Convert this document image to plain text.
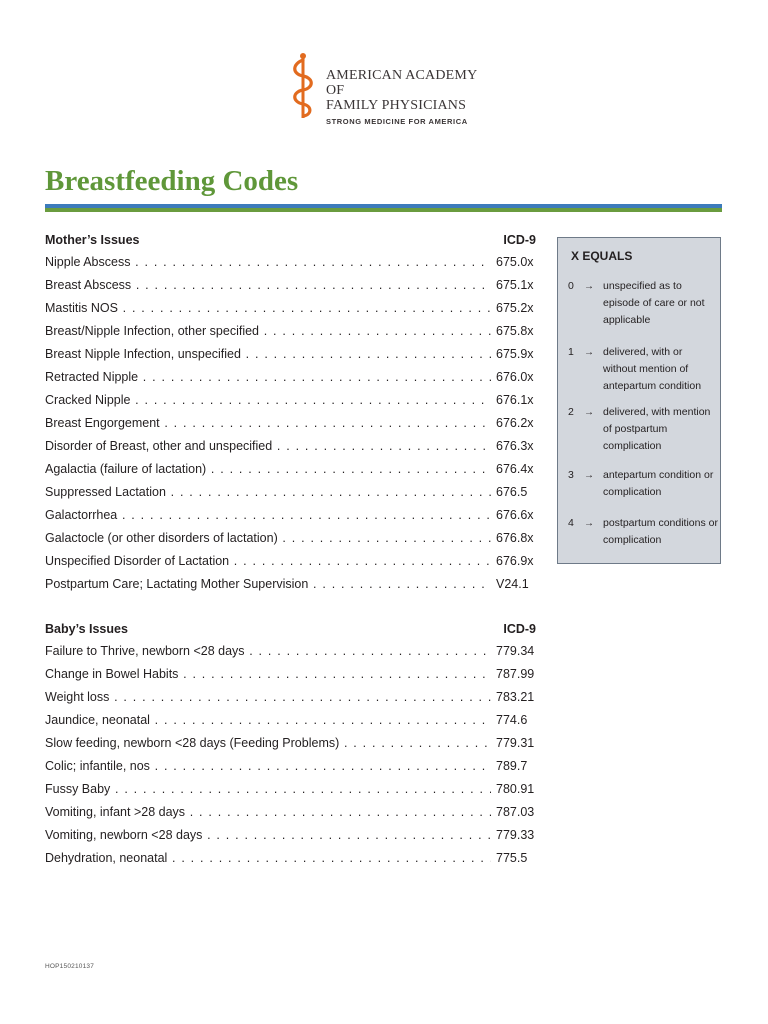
AMERICAN ACADEMY OF
FAMILY PHYSICIANS
STRONG MEDICINE FOR AMERICA
Breastfeeding Codes
Mother’s Issues	ICD-9
Nipple Abscess . . .	675.0x
Breast Abscess . . .	675.1x
Mastitis NOS . . .	675.2x
Breast/Nipple Infection, other specified . . .	675.8x
Breast Nipple Infection, unspecified . . .	675.9x
Retracted Nipple . . .	676.0x
Cracked Nipple . . .	676.1x
Breast Engorgement . . .	676.2x
Disorder of Breast, other and unspecified . . .	676.3x
Agalactia (failure of lactation) . . .	676.4x
Suppressed Lactation . . .	676.5
Galactorrhea . . .	676.6x
Galactocle (or other disorders of lactation) . . .	676.8x
Unspecified Disorder of Lactation . . .	676.9x
Postpartum Care; Lactating Mother Supervision . . .	V24.1
Baby’s Issues	ICD-9
Failure to Thrive, newborn <28 days . . .	779.34
Change in Bowel Habits . . .	787.99
Weight loss . . .	783.21
Jaundice, neonatal . . .	774.6
Slow feeding, newborn <28 days (Feeding Problems) . . .	779.31
Colic; infantile, nos . . .	789.7
Fussy Baby . . .	780.91
Vomiting, infant >28 days . . .	787.03
Vomiting, newborn <28 days . . .	779.33
Dehydration, neonatal . . .	775.5
X EQUALS
0 → unspecified as to episode of care or not applicable
1 → delivered, with or without mention of antepartum condition
2 → delivered, with mention of postpartum complication
3 → antepartum condition or complication
4 → postpartum conditions or complication
HOP15021013​7
